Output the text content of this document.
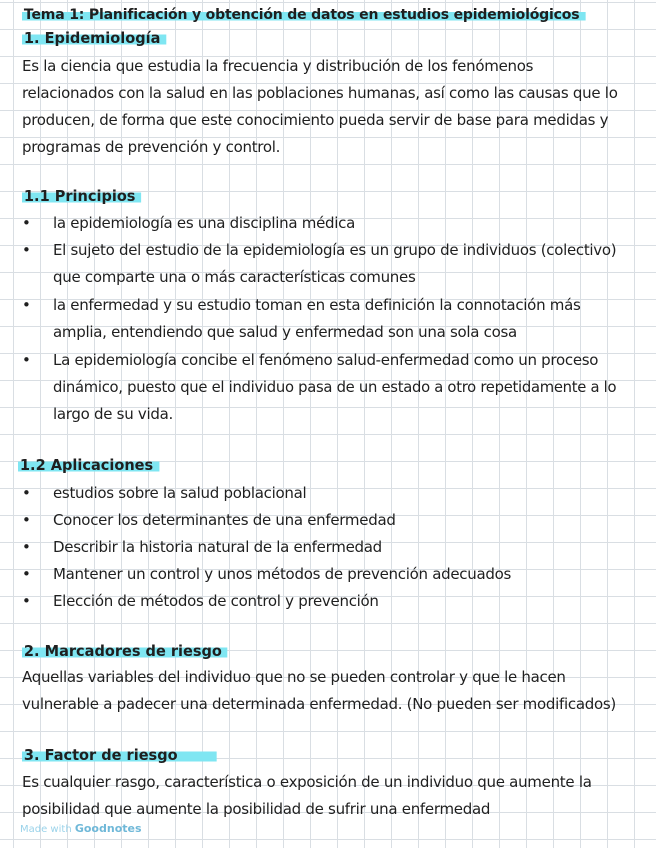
Tema 1: Planificación y obtención de datos en estudios epidemiológicos
1. Epidemiología
Es la ciencia que estudia la frecuencia y distribución de los fenómenos
relacionados con la salud en las poblaciones humanas, así como las causas que lo
producen, de forma que este conocimiento pueda servir de base para medidas y
programas de prevención y control.
1.1 Principios
•	la epidemiología es una disciplina médica
•	El sujeto del estudio de la epidemiología es un grupo de individuos (colectivo)
que comparte una o más características comunes
•	la enfermedad y su estudio toman en esta definición la connotación más
amplia, entendiendo que salud y enfermedad son una sola cosa
•	La epidemiología concibe el fenómeno salud-enfermedad como un proceso
dinámico, puesto que el individuo pasa de un estado a otro repetidamente a lo
largo de su vida.
1.2 Aplicaciones
•	estudios sobre la salud poblacional
•	Conocer los determinantes de una enfermedad
•	Describir la historia natural de la enfermedad
•	Mantener un control y unos métodos de prevención adecuados
•	Elección de métodos de control y prevención
2. Marcadores de riesgo
Aquellas variables del individuo que no se pueden controlar y que le hacen
vulnerable a padecer una determinada enfermedad. (No pueden ser modificados)
3. Factor de riesgo
Es cualquier rasgo, característica o exposición de un individuo que aumente la
posibilidad que aumente la posibilidad de sufrir una enfermedad
Made with Goodnotes
